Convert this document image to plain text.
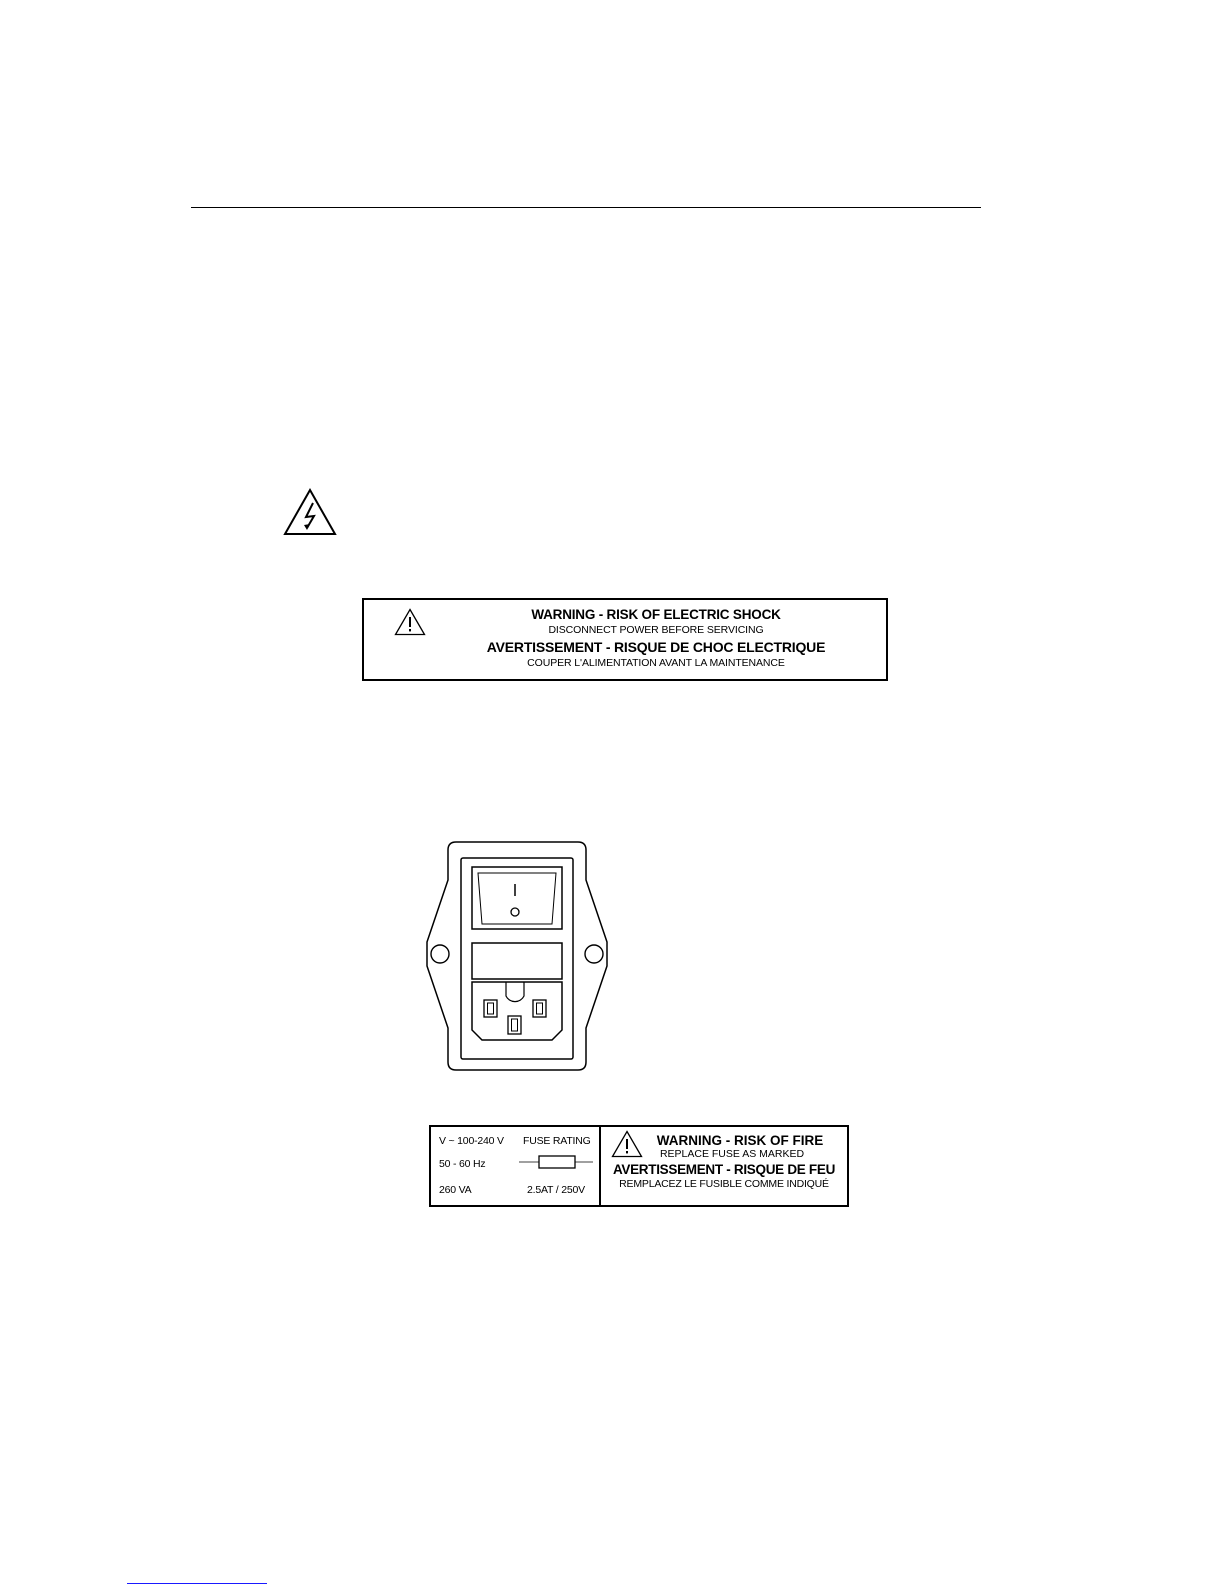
WARNING - RISK OF ELECTRIC SHOCK
DISCONNECT POWER BEFORE SERVICING
AVERTISSEMENT - RISQUE DE CHOC ELECTRIQUE
COUPER L'ALIMENTATION AVANT LA MAINTENANCE
V ~ 100-240 V FUSE RATING
50 - 60 Hz
260 VA	2.5AT / 250V
WARNING - RISK OF FIRE
REPLACE FUSE AS MARKED
AVERTISSEMENT - RISQUE DE FEU
REMPLACEZ LE FUSIBLE COMME INDIQUÉ
